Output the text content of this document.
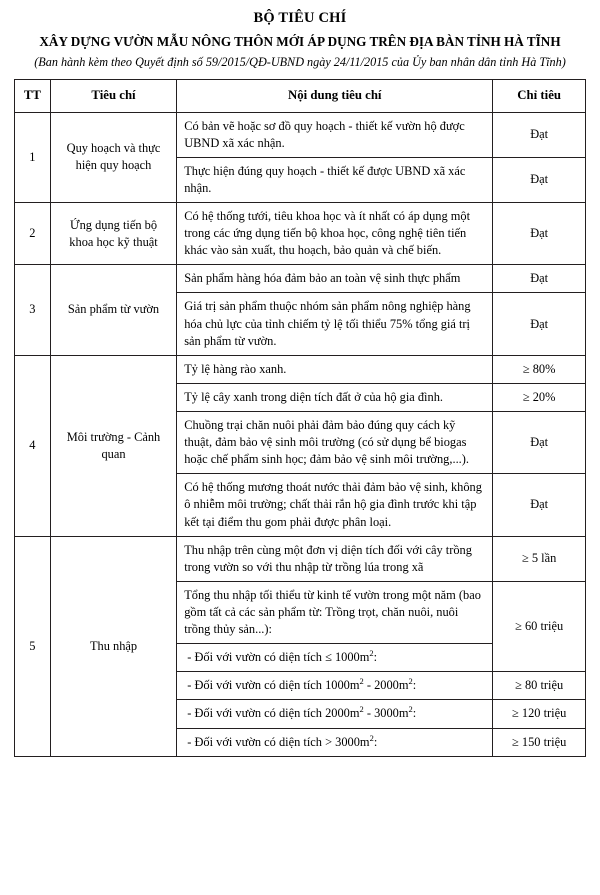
BỘ TIÊU CHÍ
XÂY DỰNG VƯỜN MẪU NÔNG THÔN MỚI ÁP DỤNG TRÊN ĐỊA BÀN TỈNH HÀ TĨNH
(Ban hành kèm theo Quyết định số 59/2015/QĐ-UBND ngày 24/11/2015 của Ủy ban nhân dân tỉnh Hà Tĩnh)
TT	Tiêu chí	Nội dung tiêu chí	Chỉ tiêu
1	Quy hoạch và thực hiện quy hoạch	Có bản vẽ hoặc sơ đồ quy hoạch - thiết kế vườn hộ được UBND xã xác nhận.	Đạt
		Thực hiện đúng quy hoạch - thiết kế được UBND xã xác nhận.	Đạt
2	Ứng dụng tiến bộ khoa học kỹ thuật	Có hệ thống tưới, tiêu khoa học và ít nhất có áp dụng một trong các ứng dụng tiến bộ khoa học, công nghệ tiên tiến khác vào sản xuất, thu hoạch, bảo quản và chế biến.	Đạt
3	Sản phẩm từ vườn	Sản phẩm hàng hóa đảm bảo an toàn vệ sinh thực phẩm	Đạt
		Giá trị sản phẩm thuộc nhóm sản phẩm nông nghiệp hàng hóa chủ lực của tỉnh chiếm tỷ lệ tối thiểu 75% tổng giá trị sản phẩm từ vườn.	Đạt
4	Môi trường - Cảnh quan	Tỷ lệ hàng rào xanh.	≥ 80%
		Tỷ lệ cây xanh trong diện tích đất ở của hộ gia đình.	≥ 20%
		Chuồng trại chăn nuôi phải đảm bảo đúng quy cách kỹ thuật, đảm bảo vệ sinh môi trường (có sử dụng bể biogas hoặc chế phẩm sinh học; đảm bảo vệ sinh môi trường,...).	Đạt
		Có hệ thống mương thoát nước thải đảm bảo vệ sinh, không ô nhiễm môi trường; chất thải rắn hộ gia đình trước khi tập kết tại điểm thu gom phải được phân loại.	Đạt
5	Thu nhập	Thu nhập trên cùng một đơn vị diện tích đối với cây trồng trong vườn so với thu nhập từ trồng lúa trong xã	≥ 5 lần
		Tổng thu nhập tối thiểu từ kinh tế vườn trong một năm (bao gồm tất cả các sản phẩm từ: Trồng trọt, chăn nuôi, nuôi trồng thủy sản...):	≥ 60 triệu
		- Đối với vườn có diện tích ≤ $1000m^2$:	
		- Đối với vườn có diện tích $1000m^2 - 2000m^2$:	≥ 80 triệu
		- Đối với vườn có diện tích $2000m^2 - 3000m^2$:	≥ 120 triệu
		- Đối với vườn có diện tích > $3000m^2$:	≥ 150 triệu
